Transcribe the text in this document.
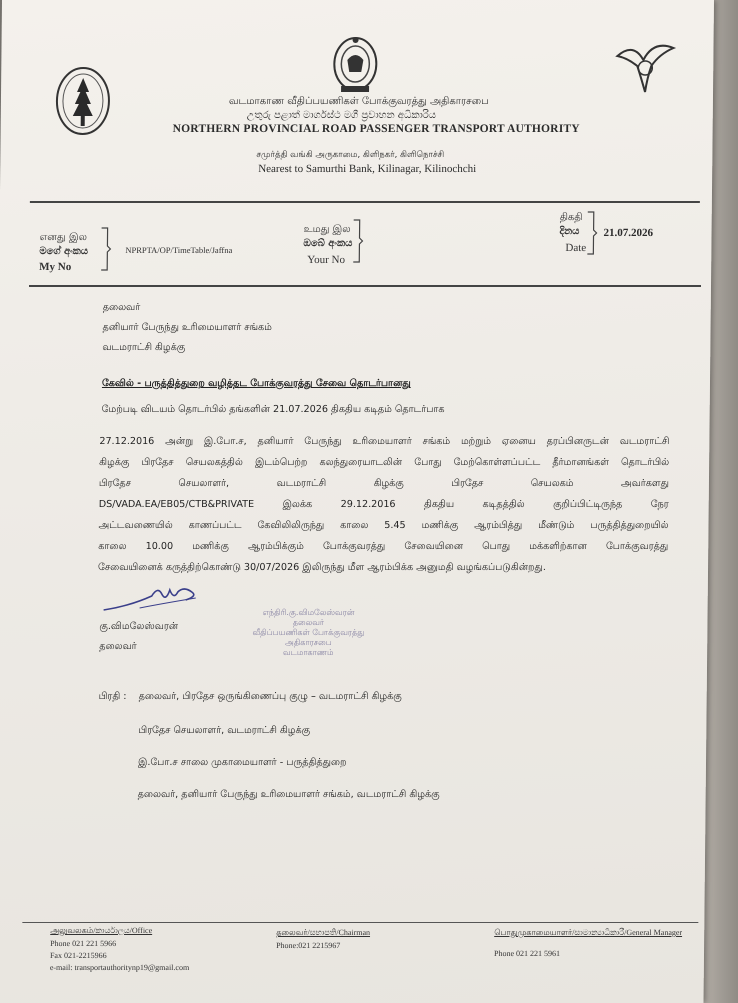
வடமாகாண வீதிப்பயணிகள் போக்குவரத்து அதிகாரசபை
උතුරු පළාත් මාර්ගස්ථ මගී ප්‍රවාහන අධිකාරිය
NORTHERN PROVINCIAL ROAD PASSENGER TRANSPORT AUTHORITY
சமுர்த்தி வங்கி அருகாமை, கிளிநகர், கிளிநொச்சி
Nearest to Samurthi Bank, Kilinagar, Kilinochchi
எனது இல
මගේ අංකය
My No
NPRPTA/OP/TimeTable/Jaffna
உமது இல
ඔබේ අංකය
Your No
திகதி
දිනය
Date
21.07.2026
தலைவர்
தனியார் பேருந்து உரிமையாளர் சங்கம்
வடமராட்சி கிழக்கு
கேவில் - பருத்தித்துறை வழித்தட போக்குவரத்து சேவை தொடர்பானது
மேற்படி விடயம் தொடர்பில் தங்களின் 21.07.2026 திகதிய கடிதம் தொடர்பாக
27.12.2016 அன்று இ.போ.ச, தனியார் பேருந்து உரிமையாளர் சங்கம் மற்றும் ஏனைய தரப்பினருடன் வடமராட்சி
கிழக்கு பிரதேச செயலகத்தில் இடம்பெற்ற கலந்துரையாடலின் போது மேற்கொள்ளப்பட்ட தீர்மானங்கள் தொடர்பில்
பிரதேச செயலாளர், வடமராட்சி கிழக்கு பிரதேச செயலகம் அவர்களது
DS/VADA.EA/EB05/CTB&PRIVATE இலக்க 29.12.2016 திகதிய கடிதத்தில் குறிப்பிட்டிருந்த நேர
அட்டவணையில் காணப்பட்ட கேவிலிலிருந்து காலை 5.45 மணிக்கு ஆரம்பித்து மீண்டும் பருத்தித்துறையில்
காலை 10.00 மணிக்கு ஆரம்பிக்கும் போக்குவரத்து சேவையினை பொது மக்களிற்கான போக்குவரத்து
சேவையினைக் கருத்திற்கொண்டு 30/07/2026 இலிருந்து மீள ஆரம்பிக்க அனுமதி வழங்கப்படுகின்றது.
கு.விமலேஸ்வரன்
தலைவர்
எந்திரி.கு.விமலேஸ்வரன்
தலைவர்
வீதிப்பயணிகள் போக்குவரத்து அதிகாரசபை
வடமாகாணம்
பிரதி : தலைவர், பிரதேச ஒருங்கிணைப்பு குழு – வடமராட்சி கிழக்கு
பிரதேச செயலாளர், வடமராட்சி கிழக்கு
இ.போ.ச சாலை முகாமையாளர் - பருத்தித்துறை
தலைவர், தனியார் பேருந்து உரிமையாளர் சங்கம், வடமராட்சி கிழக்கு
அலுவலகம்/කාර්යාලය/Office
Phone 021 221 5966
Fax 021-2215966
e-mail: transportauthoritynp19@gmail.com
தலைவர்/සභාපති/Chairman
Phone:021 2215967
பொதுமுகாமையாளர்/සාමාන්‍යාධිකාරී/General Manager
Phone 021 221 5961
